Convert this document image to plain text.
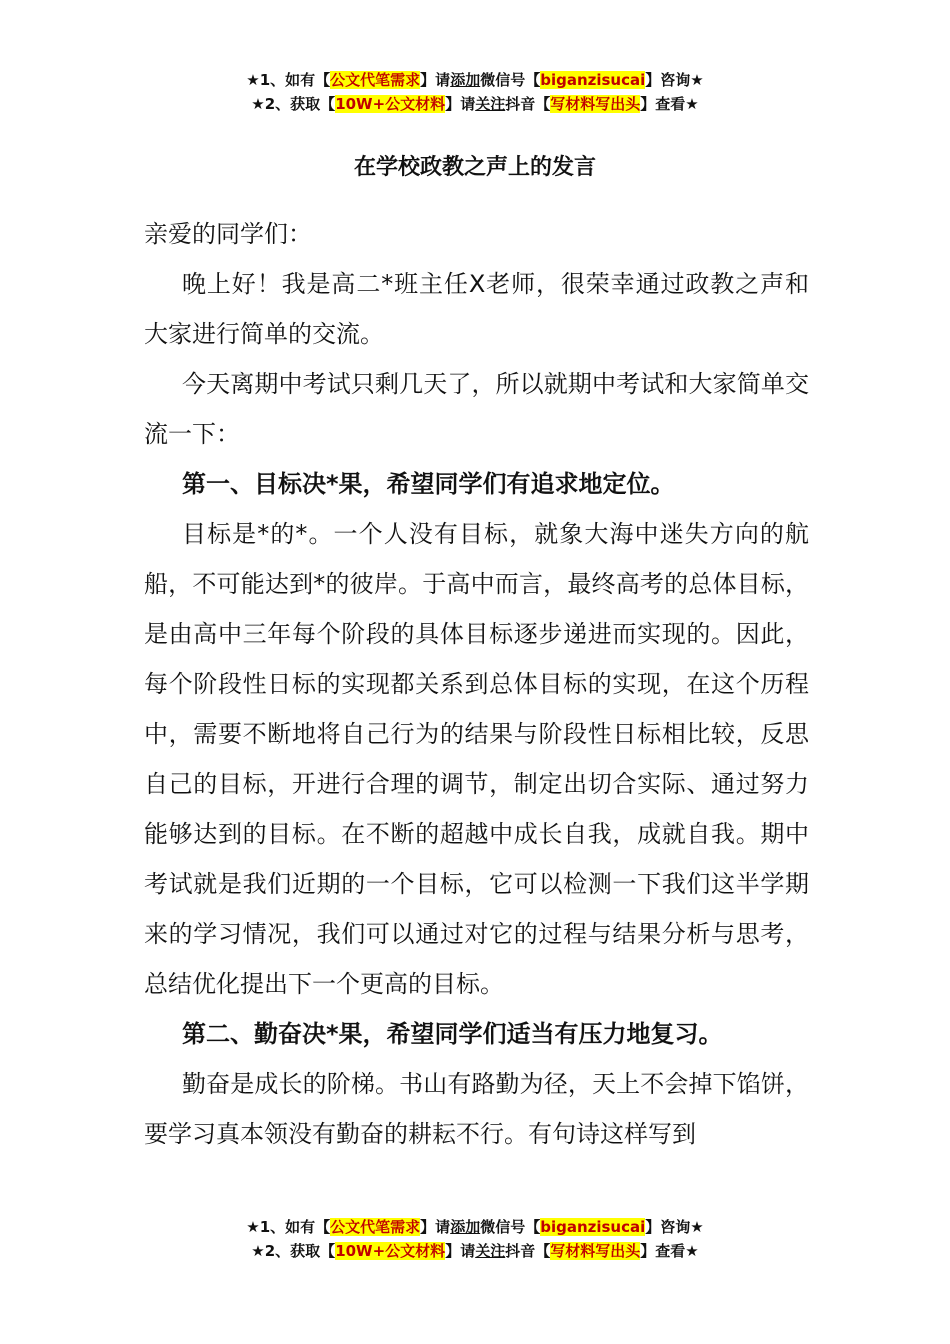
★1、如有【公文代笔需求】请添加微信号【biganzisucai】咨询★
★2、获取【10W+公文材料】请关注抖音【写材料写出头】查看★
在学校政教之声上的发言

亲爱的同学们：

晚上好！我是高二*班主任X老师，很荣幸通过政教之声和大家进行简单的交流。

今天离期中考试只剩几天了，所以就期中考试和大家简单交流一下：

第一、目标决*果，希望同学们有追求地定位。

目标是*的*。一个人没有目标，就象大海中迷失方向的航船，不可能达到*的彼岸。于高中而言，最终高考的总体目标，是由高中三年每个阶段的具体目标逐步递进而实现的。因此，每个阶段性日标的实现都关系到总体目标的实现，在这个历程中，需要不断地将自己行为的结果与阶段性日标相比较，反思自己的目标，开进行合理的调节，制定出切合实际、通过努力能够达到的目标。在不断的超越中成长自我，成就自我。期中考试就是我们近期的一个目标，它可以检测一下我们这半学期来的学习情况，我们可以通过对它的过程与结果分析与思考，总结优化提出下一个更高的目标。

第二、勤奋决*果，希望同学们适当有压力地复习。

勤奋是成长的阶梯。书山有路勤为径，天上不会掉下馅饼，要学习真本领没有勤奋的耕耘不行。有句诗这样写到

★1、如有【公文代笔需求】请添加微信号【biganzisucai】咨询★
★2、获取【10W+公文材料】请关注抖音【写材料写出头】查看★
